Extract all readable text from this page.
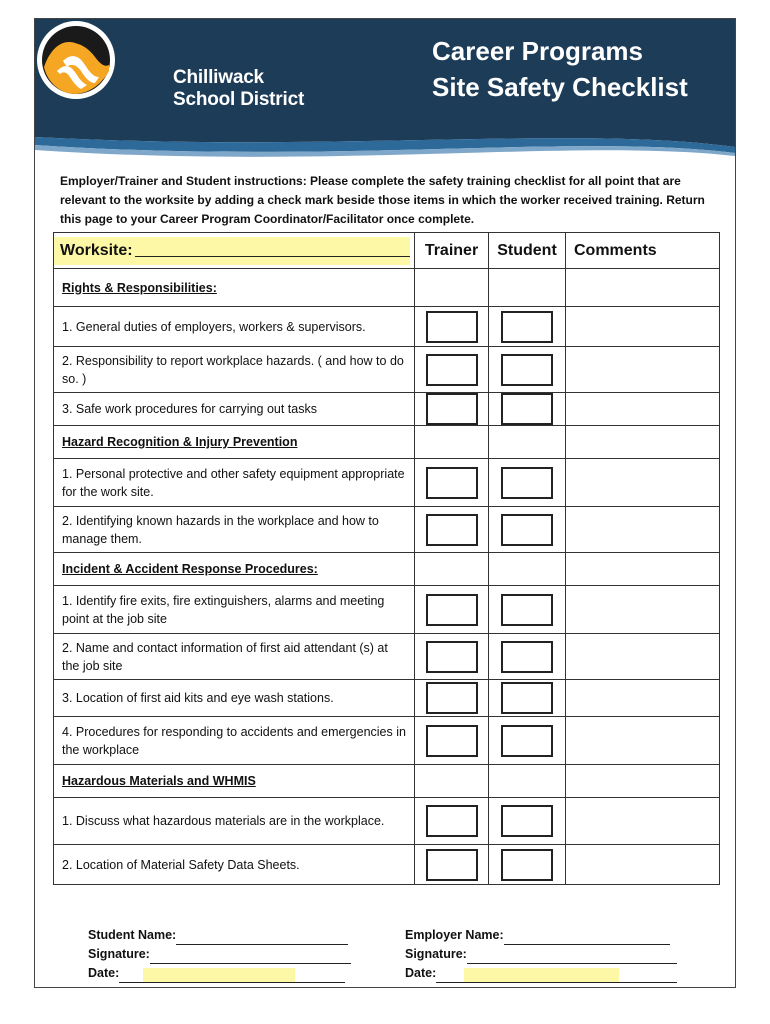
Career Programs
Site Safety Checklist
Chilliwack
School District
Employer/Trainer and Student instructions: Please complete the safety training checklist for all point that are relevant to the worksite by adding a check mark beside those items in which the worker received training. Return this page to your Career Program Coordinator/Facilitator once complete.
Worksite:	Trainer	Student	Comments
Rights & Responsibilities:			
1. General duties of employers, workers & supervisors.	

2. Responsibility to report workplace hazards. ( and how to do so. )	

3. Safe work procedures for carrying out tasks	

Hazard Recognition & Injury Prevention			
1. Personal protective and other safety equipment appropriate for the work site.	

2. Identifying known hazards in the workplace and how to manage them.	

Incident & Accident Response Procedures:			
1. Identify fire exits, fire extinguishers, alarms and meeting point at the job site	

2. Name and contact information of first aid attendant (s) at the job site	

3. Location of first aid kits and eye wash stations.	

4. Procedures for responding to accidents and emergencies in the workplace	

Hazardous Materials and WHMIS			
1. Discuss what hazardous materials are in the workplace.	

2. Location of Material Safety Data Sheets.	

Student Name:
Signature:
Date:
Employer Name:
Signature:
Date:
